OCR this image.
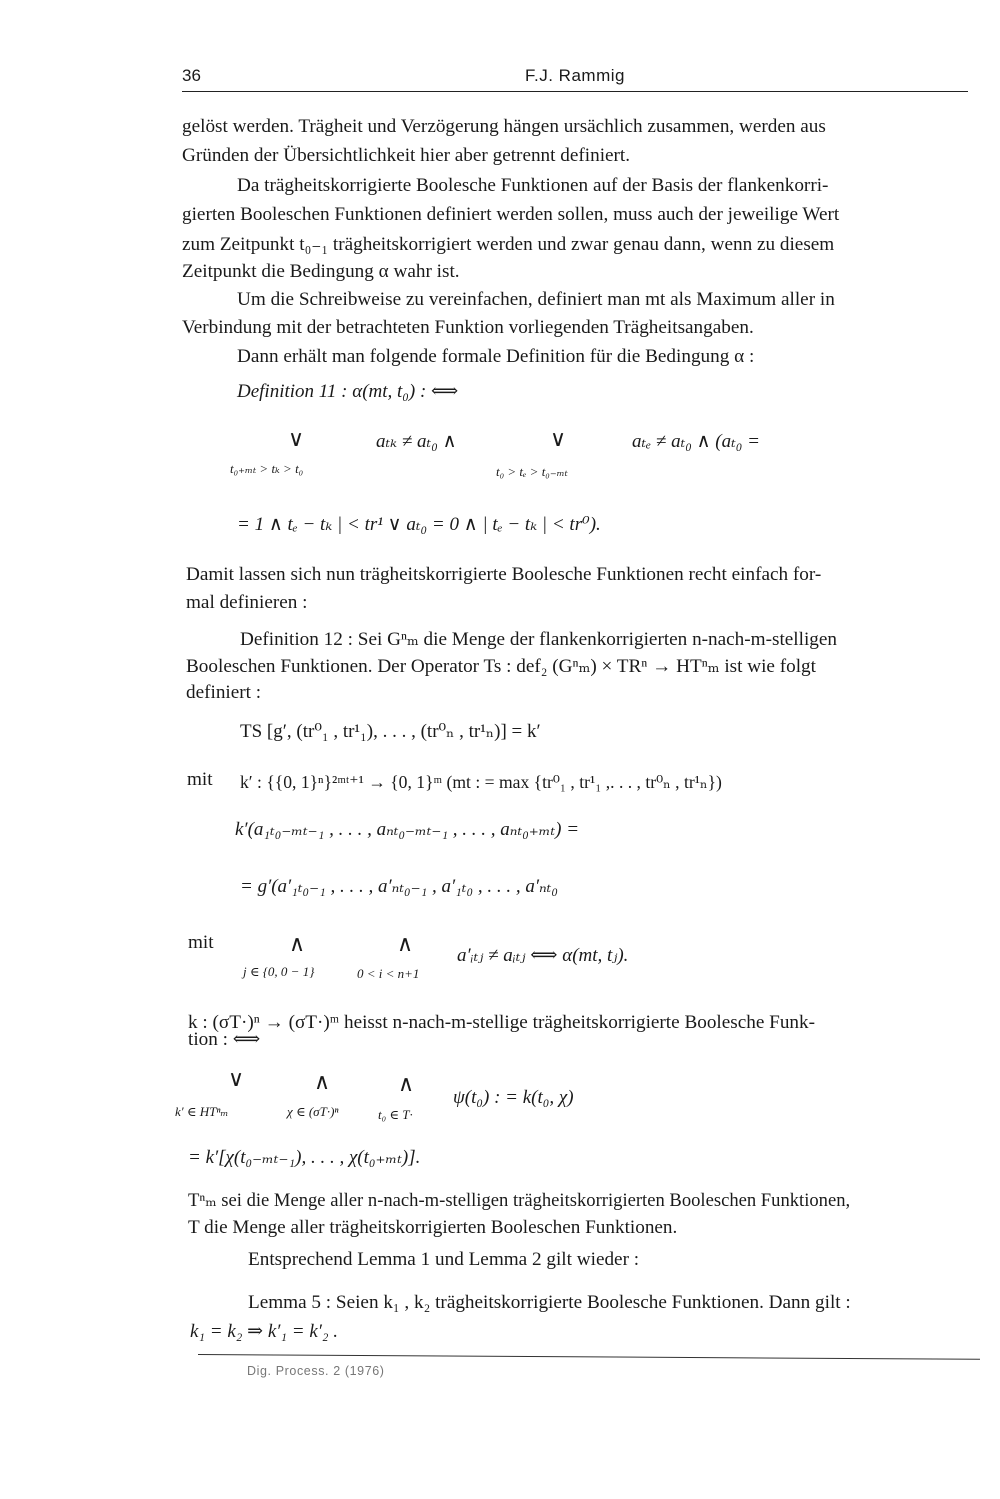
36	F.J. Rammig
gelöst werden. Trägheit und Verzögerung hängen ursächlich zusammen, werden aus
Gründen der Übersichtlichkeit hier aber getrennt definiert.
Da trägheitskorrigierte Boolesche Funktionen auf der Basis der flankenkorri-
gierten Booleschen Funktionen definiert werden sollen, muss auch der jeweilige Wert
zum Zeitpunkt t₀₋₁ trägheitskorrigiert werden und zwar genau dann, wenn zu diesem
Zeitpunkt die Bedingung α wahr ist.
Um die Schreibweise zu vereinfachen, definiert man mt als Maximum aller in
Verbindung mit der betrachteten Funktion vorliegenden Trägheitsangaben.
Dann erhält man folgende formale Definition für die Bedingung α :
Definition 11 : α(mt, t₀) : ⟺
∨	aₜₖ ≠ aₜ₀ ∧	∨	aₜₑ ≠ aₜ₀ ∧ (aₜ₀ =
t₀₊ₘₜ > tₖ > t₀	t₀ > tₑ > t₀₋ₘₜ
= 1 ∧ tₑ − tₖ | < tr¹ ∨ aₜ₀ = 0 ∧ | tₑ − tₖ | < tr⁰).
Damit lassen sich nun trägheitskorrigierte Boolesche Funktionen recht einfach for-
mal definieren :
Definition 12 : Sei Gⁿₘ die Menge der flankenkorrigierten n-nach-m-stelligen
Booleschen Funktionen. Der Operator Ts : def₂ (Gⁿₘ) × TRⁿ → HTⁿₘ ist wie folgt
definiert :
TS [g′, (tr⁰₁ , tr¹₁), . . . , (tr⁰ₙ , tr¹ₙ)] = k′
mit k′ : {{0, 1}ⁿ}²ᵐᵗ⁺¹ → {0, 1}ᵐ (mt : = max {tr⁰₁ , tr¹₁ ,. . . , tr⁰ₙ , tr¹ₙ})
k′(a₁ₜ₀₋ₘₜ₋₁ , . . . , aₙₜ₀₋ₘₜ₋₁ , . . . , aₙₜ₀₊ₘₜ) =
= g′(a′₁ₜ₀₋₁ , . . . , a′ₙₜ₀₋₁ , a′₁ₜ₀ , . . . , a′ₙₜ₀
mit	∧	∧ a′ᵢₜⱼ ≠ aᵢₜⱼ ⟺ α(mt, tⱼ).
j ∈ {0, 0 − 1}	0 < i < n+1
k : (σT·)ⁿ → (σT·)ᵐ heisst n-nach-m-stellige trägheitskorrigierte Boolesche Funk-
tion : ⟺
∨	∧	∧
ψ(t₀) : = k(t₀, χ)
k′ ∈ HTⁿₘ	χ ∈ (σT·)ⁿ	t₀ ∈ T·
= k′[χ(t₀₋ₘₜ₋₁), . . . , χ(t₀₊ₘₜ)].
Tⁿₘ sei die Menge aller n-nach-m-stelligen trägheitskorrigierten Booleschen Funktionen,
T die Menge aller trägheitskorrigierten Booleschen Funktionen.
Entsprechend Lemma 1 und Lemma 2 gilt wieder :
Lemma 5 : Seien k₁ , k₂ trägheitskorrigierte Boolesche Funktionen. Dann gilt :
k₁ = k₂ ⇒ k′₁ = k′₂ .
Dig. Process. 2 (1976)
